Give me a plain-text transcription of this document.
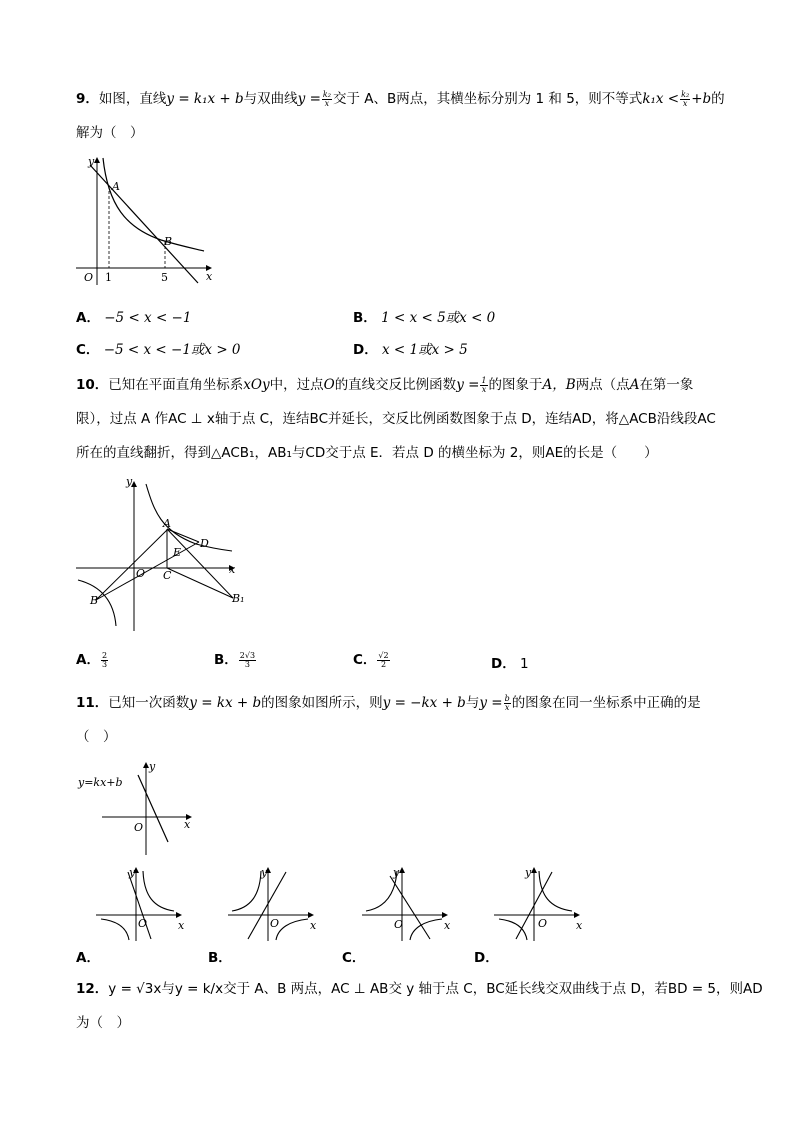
9．如图，直线y = k₁x + b与双曲线$y = \frac{\text{k₂}}{x}$ 交于 A、B两点，其横坐标分别为 1 和 5，则不等式$k_1x < \frac{\text{k₂}}{x} +b$的
解为（　）
y
x
O
A
B
1	5
A． −5 < x < −1	B． 1 < x < 5或x < 0
C． −5 < x < −1或x > 0	D． x < 1或x > 5
10．已知在平面直角坐标系xOy中，过点O的直线交反比例函数$y = \frac{1}{x}$ 的图象于A，B两点（点A在第一象
限），过点 A 作AC ⊥ x轴于点 C，连结BC并延长，交反比例函数图象于点 D，连结AD，将△ACB沿线段AC
所在的直线翻折，得到△ACB₁，AB₁与CD交于点 E．若点 D 的横坐标为 2，则AE的长是（　　）
y
x
O
A
B
C
D
E
B₁
A． $\frac{2}{3}$	B． $\frac{2√3}{3}$	C． $\frac{√2}{2}$	D． 1
11．已知一次函数y = kx + b的图象如图所示，则y = −kx + b与$y = \frac{b}{x}$ 的图象在同一坐标系中正确的是
（　）
y=kx+b
y
x
O
y
x
O
y
x
O
y
x
O
y
x
O
A．	B．	C．	D．
12．y = √3x与y = k/x交于 A、B 两点，AC ⊥ AB交 y 轴于点 C，BC延长线交双曲线于点 D，若BD = 5，则AD
为（　）
